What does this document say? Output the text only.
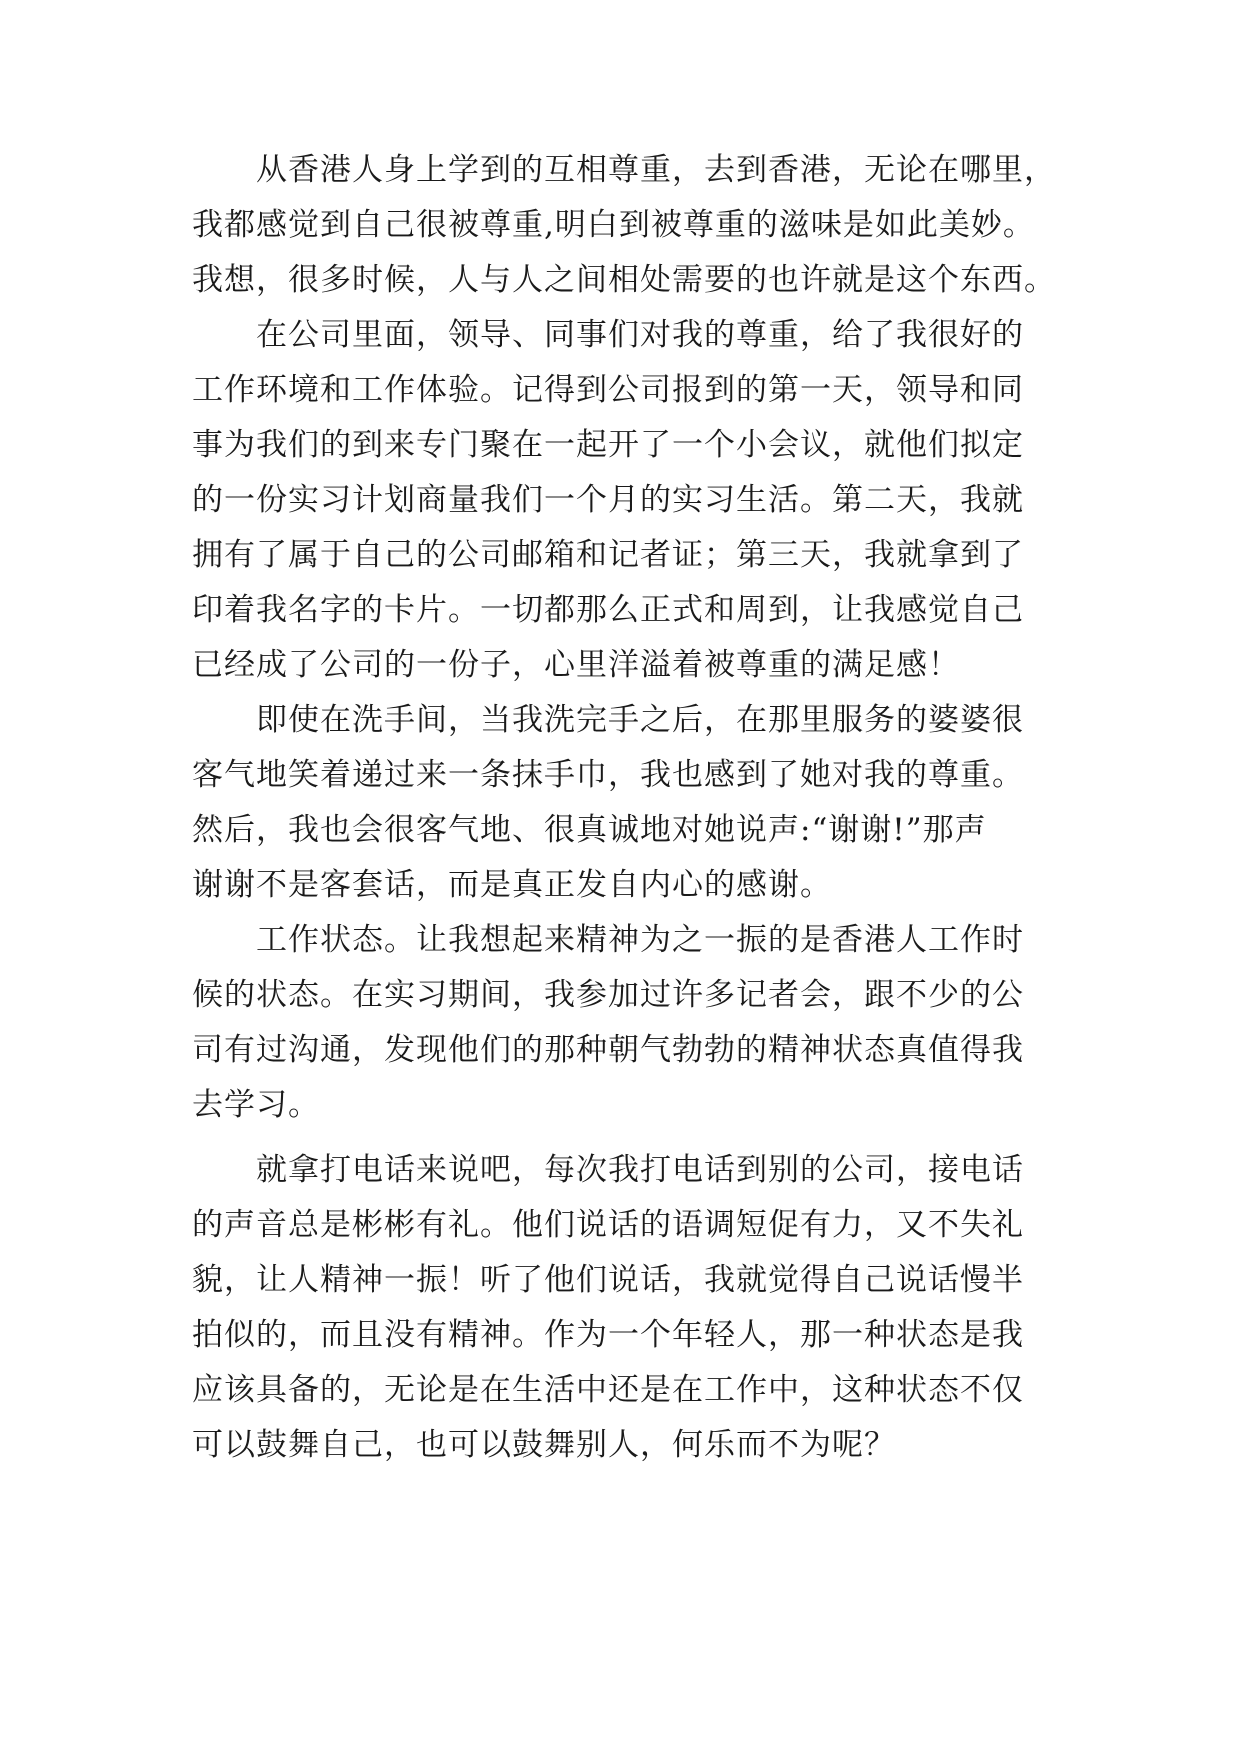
从香港人身上学到的互相尊重，去到香港，无论在哪里，
我都感觉到自己很被尊重,明白到被尊重的滋味是如此美妙。
我想，很多时候，人与人之间相处需要的也许就是这个东西。
在公司里面，领导、同事们对我的尊重，给了我很好的
工作环境和工作体验。记得到公司报到的第一天，领导和同
事为我们的到来专门聚在一起开了一个小会议，就他们拟定
的一份实习计划商量我们一个月的实习生活。第二天，我就
拥有了属于自己的公司邮箱和记者证；第三天，我就拿到了
印着我名字的卡片。一切都那么正式和周到，让我感觉自己
已经成了公司的一份子，心里洋溢着被尊重的满足感！
即使在洗手间，当我洗完手之后，在那里服务的婆婆很
客气地笑着递过来一条抹手巾，我也感到了她对我的尊重。
然后，我也会很客气地、很真诚地对她说声:“谢谢!”那声
谢谢不是客套话，而是真正发自内心的感谢。
工作状态。让我想起来精神为之一振的是香港人工作时
候的状态。在实习期间，我参加过许多记者会，跟不少的公
司有过沟通，发现他们的那种朝气勃勃的精神状态真值得我
去学习。
就拿打电话来说吧，每次我打电话到别的公司，接电话
的声音总是彬彬有礼。他们说话的语调短促有力，又不失礼
貌，让人精神一振！听了他们说话，我就觉得自己说话慢半
拍似的，而且没有精神。作为一个年轻人，那一种状态是我
应该具备的，无论是在生活中还是在工作中，这种状态不仅
可以鼓舞自己，也可以鼓舞别人，何乐而不为呢？
